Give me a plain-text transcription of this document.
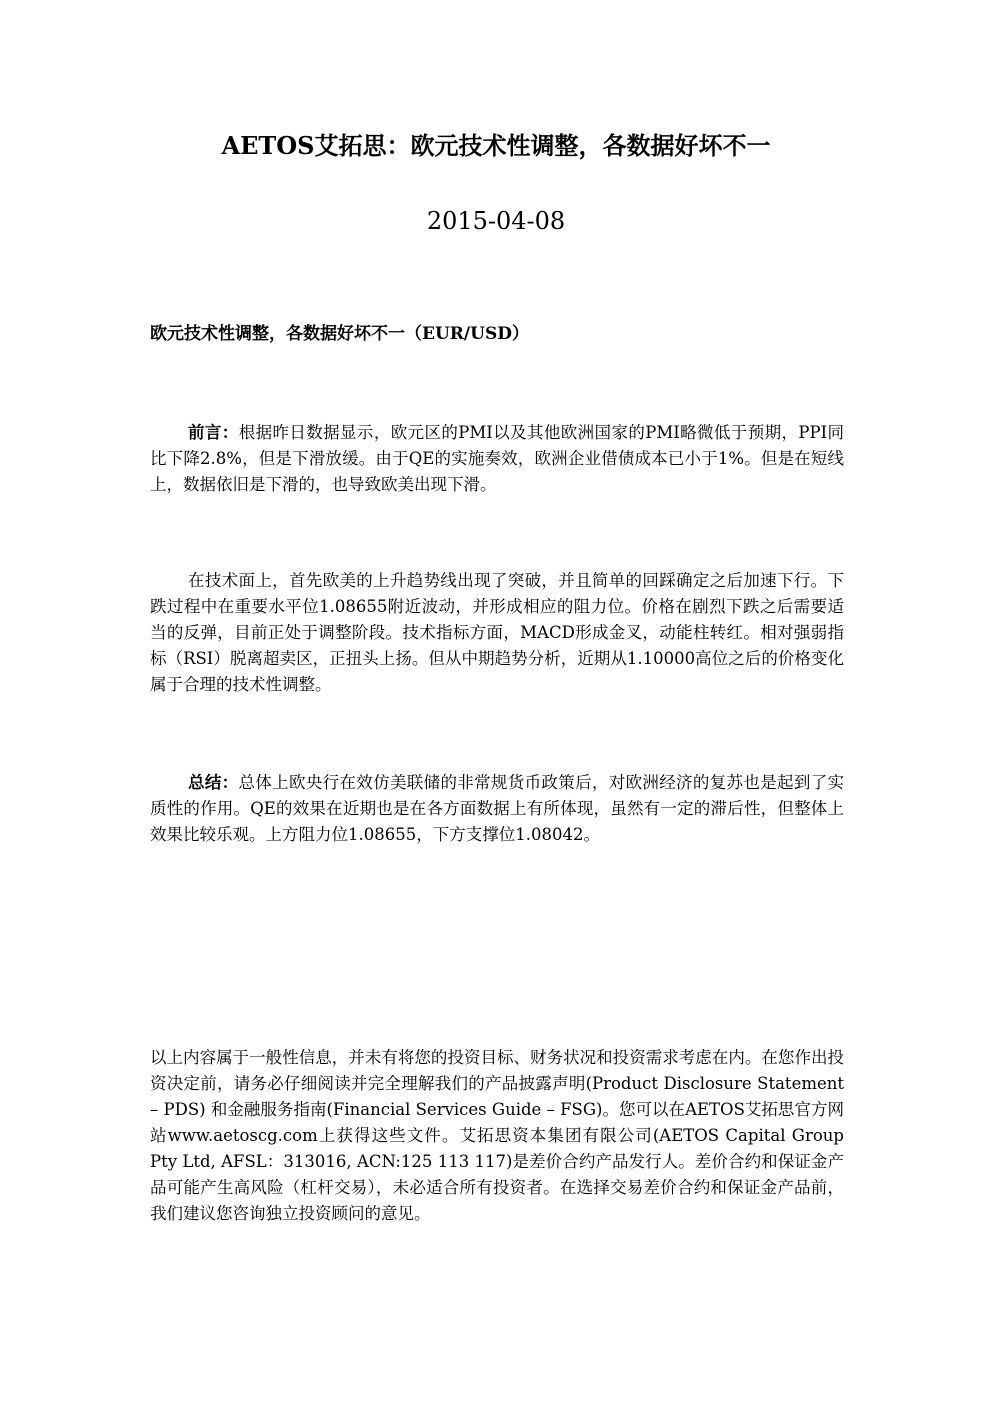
AETOS艾拓思：欧元技术性调整，各数据好坏不一
2015-04-08
欧元技术性调整，各数据好坏不一（EUR/USD）
前言：根据昨日数据显示，欧元区的PMI以及其他欧洲国家的PMI略微低于预期，PPI同比下降2.8%，但是下滑放缓。由于QE的实施奏效，欧洲企业借债成本已小于1%。但是在短线上，数据依旧是下滑的，也导致欧美出现下滑。
在技术面上，首先欧美的上升趋势线出现了突破，并且简单的回踩确定之后加速下行。下跌过程中在重要水平位1.08655附近波动，并形成相应的阻力位。价格在剧烈下跌之后需要适当的反弹，目前正处于调整阶段。技术指标方面，MACD形成金叉，动能柱转红。相对强弱指标（RSI）脱离超卖区，正扭头上扬。但从中期趋势分析，近期从1.10000高位之后的价格变化属于合理的技术性调整。
总结：总体上欧央行在效仿美联储的非常规货币政策后，对欧洲经济的复苏也是起到了实质性的作用。QE的效果在近期也是在各方面数据上有所体现，虽然有一定的滞后性，但整体上效果比较乐观。上方阻力位1.08655，下方支撑位1.08042。
以上内容属于一般性信息，并未有将您的投资目标、财务状况和投资需求考虑在内。在您作出投资决定前，请务必仔细阅读并完全理解我们的产品披露声明(Product Disclosure Statement – PDS) 和金融服务指南(Financial Services Guide – FSG)。您可以在AETOS艾拓思官方网站www.aetoscg.com上获得这些文件。艾拓思资本集团有限公司(AETOS Capital Group Pty Ltd, AFSL：313016, ACN:125 113 117)是差价合约产品发行人。差价合约和保证金产品可能产生高风险（杠杆交易），未必适合所有投资者。在选择交易差价合约和保证金产品前，我们建议您咨询独立投资顾问的意见。
